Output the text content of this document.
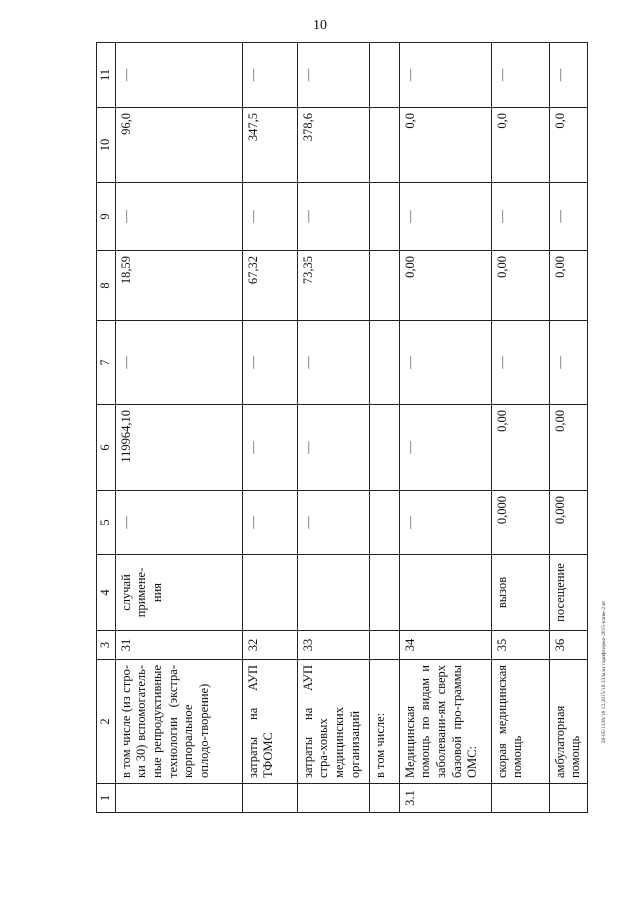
10
20-05/1336/16 12.2015/16 33/млн тарифтермо-2015-капм-2 вт
1	2	3	4	5	6	7	8	9	10	11
	в том числе (из стро-ки 30) вспомогатель-ные репродуктивные технологии (экстра-корпоральное оплодо-творение)	31	случай примене-ния	—	119964,10	—	18,59	—	96,0	—
	затраты на АУП ТФОМС	32		—	—	—	67,32	—	347,5	—
	затраты на АУП стра-ховых медицинских организаций	33		—	—	—	73,35	—	378,6	—
	в том числе:									
3.1	Медицинская помощь по видам и заболевани-ям сверх базовой про-граммы ОМС:	34		—	—	—	0,00	—	0,0	—
	скорая медицинская помощь	35	вызов	0,000	0,00	—	0,00	—	0,0	—
	амбулаторная помощь	36	посещение	0,000	0,00	—	0,00	—	0,0	—
